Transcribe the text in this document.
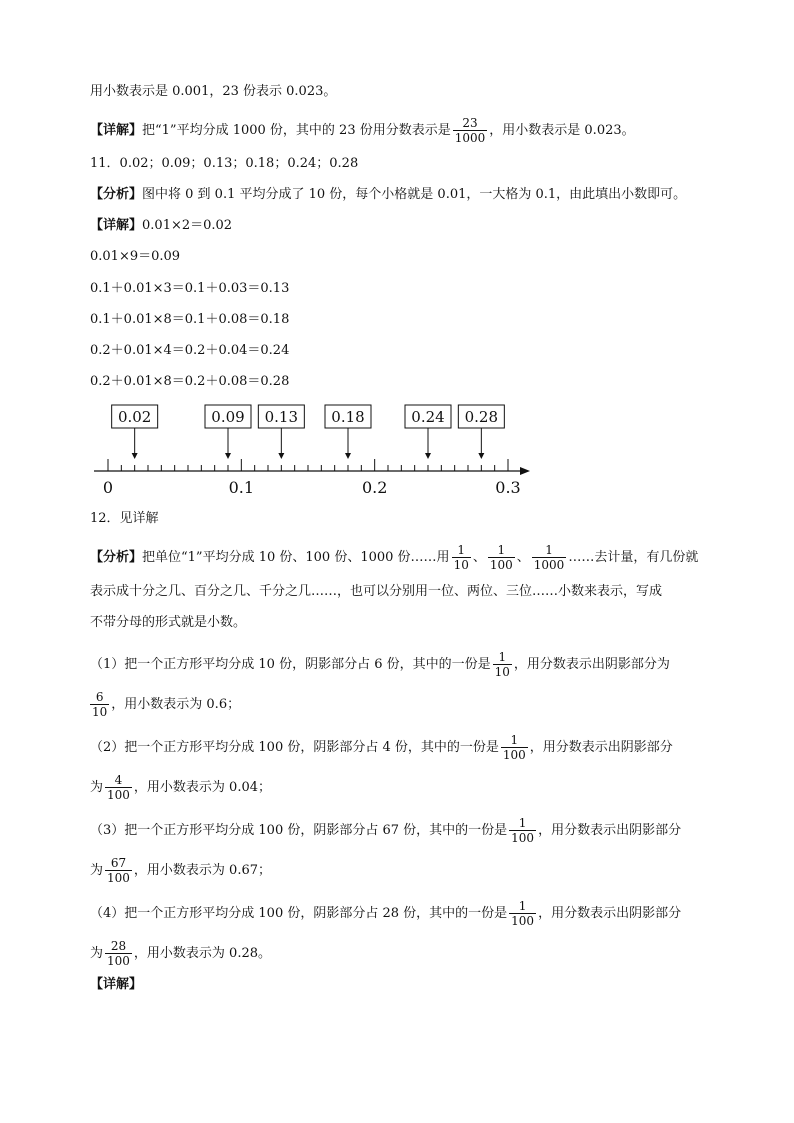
用小数表示是 0.001，23 份表示 0.023。
【详解】把“1”平均分成 1000 份，其中的 23 份用分数表示是 $\frac{23}{1000}$ ，用小数表示是 0.023。
11．0.02；0.09；0.13；0.18；0.24；0.28
【分析】图中将 0 到 0.1 平均分成了 10 份，每个小格就是 0.01，一大格为 0.1，由此填出小数即可。
【详解】0.01×2＝0.02
0.01×9＝0.09
0.1＋0.01×3＝0.1＋0.03＝0.13
0.1＋0.01×8＝0.1＋0.08＝0.18
0.2＋0.01×4＝0.2＋0.04＝0.24
0.2＋0.01×8＝0.2＋0.08＝0.28
0	0.1	0.2	0.3
0.02	0.09 0.13 0.18	0.24 0.28
12．见详解
【分析】把单位“1”平均分成 10 份、100 份、1000 份……用 $\frac{1}{10}$ 、 $\frac{1}{100}$ 、 $\frac{1}{1000}$ ……去计量，有几份就
表示成十分之几、百分之几、千分之几……，也可以分别用一位、两位、三位……小数来表示，写成
不带分母的形式就是小数。
（1）把一个正方形平均分成 10 份，阴影部分占 6 份，其中的一份是 $\frac{1}{10}$ ，用分数表示出阴影部分为
$\frac{6}{10}$ ，用小数表示为 0.6；
（2）把一个正方形平均分成 100 份，阴影部分占 4 份，其中的一份是 $\frac{1}{100}$ ，用分数表示出阴影部分
为 $\frac{4}{100}$ ，用小数表示为 0.04；
（3）把一个正方形平均分成 100 份，阴影部分占 67 份，其中的一份是 $\frac{1}{100}$ ，用分数表示出阴影部分
为 $\frac{67}{100}$ ，用小数表示为 0.67；
（4）把一个正方形平均分成 100 份，阴影部分占 28 份，其中的一份是 $\frac{1}{100}$ ，用分数表示出阴影部分
为 $\frac{28}{100}$ ，用小数表示为 0.28。
【详解】
